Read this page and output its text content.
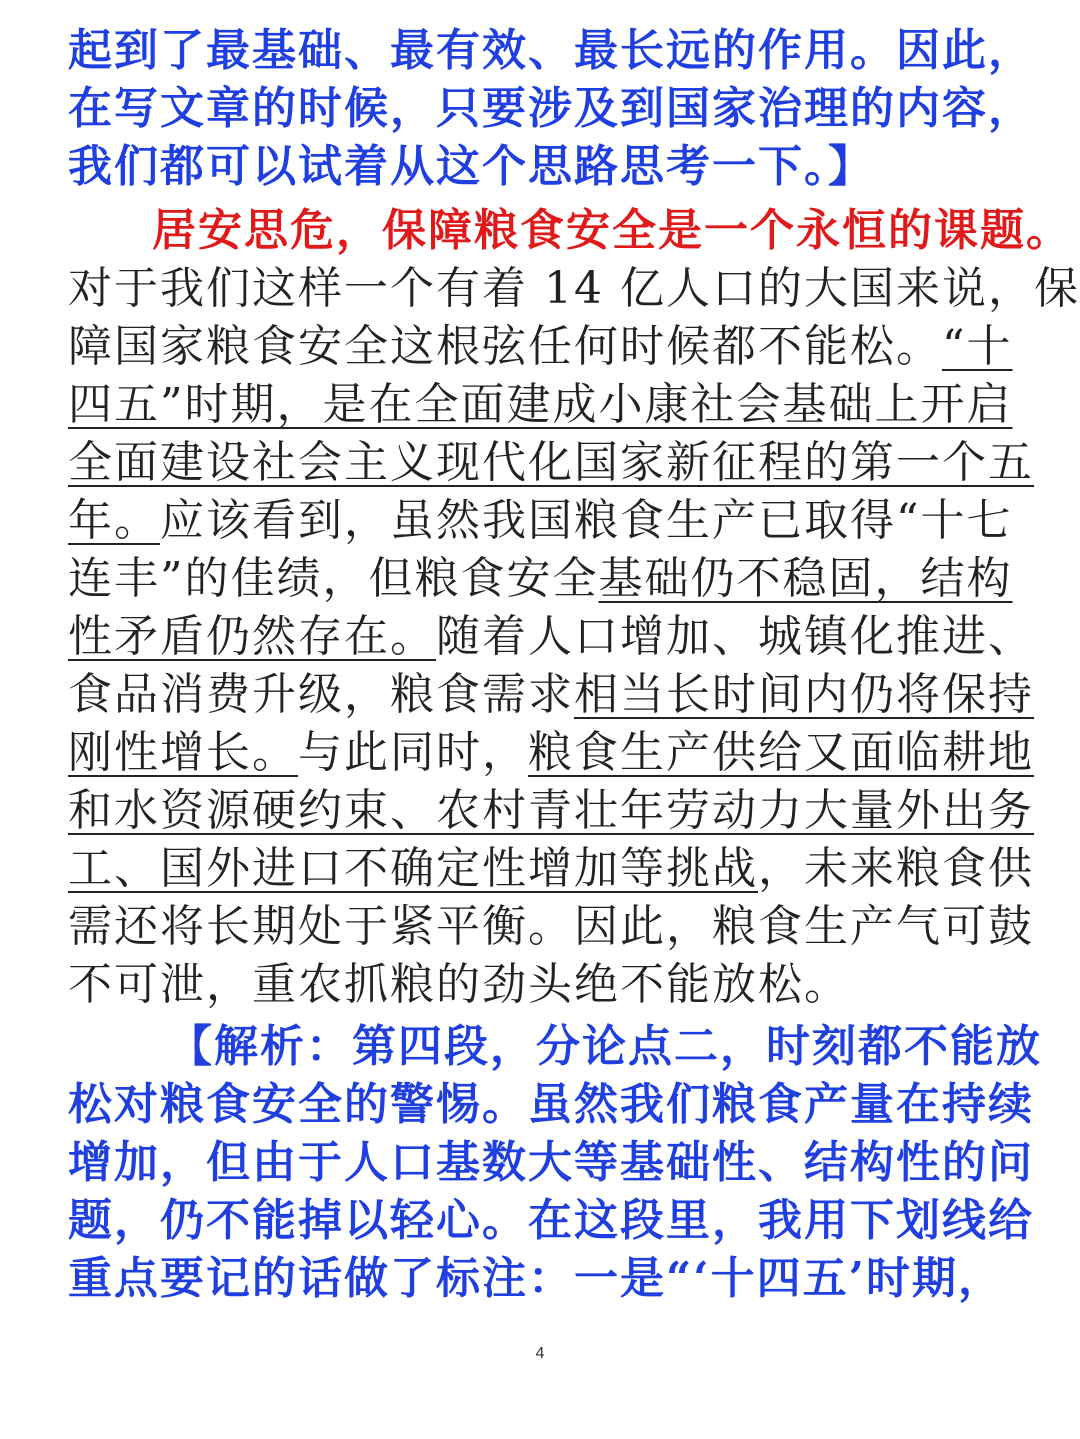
起到了最基础、最有效、最长远的作用。因此，
在写文章的时候，只要涉及到国家治理的内容，
我们都可以试着从这个思路思考一下。】
居安思危，保障粮食安全是一个永恒的课题。
对于我们这样一个有着 14 亿人口的大国来说，保
障国家粮食安全这根弦任何时候都不能松。“十
四五”时期，是在全面建成小康社会基础上开启
全面建设社会主义现代化国家新征程的第一个五
年。应该看到，虽然我国粮食生产已取得“十七
连丰”的佳绩，但粮食安全基础仍不稳固，结构
性矛盾仍然存在。随着人口增加、城镇化推进、
食品消费升级，粮食需求相当长时间内仍将保持
刚性增长。与此同时，粮食生产供给又面临耕地
和水资源硬约束、农村青壮年劳动力大量外出务
工、国外进口不确定性增加等挑战，未来粮食供
需还将长期处于紧平衡。因此，粮食生产气可鼓
不可泄，重农抓粮的劲头绝不能放松。
【解析：第四段，分论点二，时刻都不能放
松对粮食安全的警惕。虽然我们粮食产量在持续
增加，但由于人口基数大等基础性、结构性的问
题，仍不能掉以轻心。在这段里，我用下划线给
重点要记的话做了标注：一是“‘十四五’时期，
4
